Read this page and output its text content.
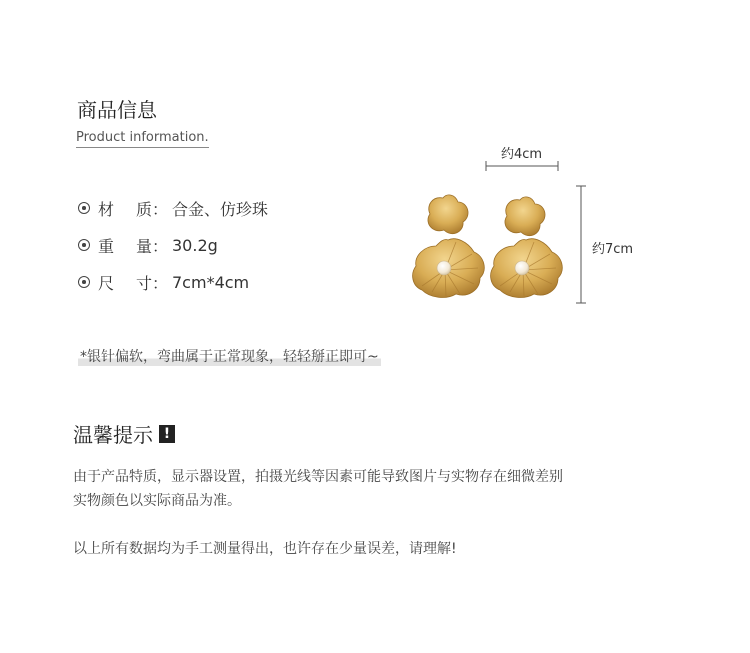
商品信息
Product information.
材	质： 合金、仿珍珠
重	量： 30.2g
尺	寸： 7cm*4cm
约4cm
约7cm
*银针偏软，弯曲属于正常现象，轻轻掰正即可~
温馨提示 !
由于产品特质，显示器设置，拍摄光线等因素可能导致图片与实物存在细微差别
实物颜色以实际商品为准。
以上所有数据均为手工测量得出，也许存在少量误差，请理解!
